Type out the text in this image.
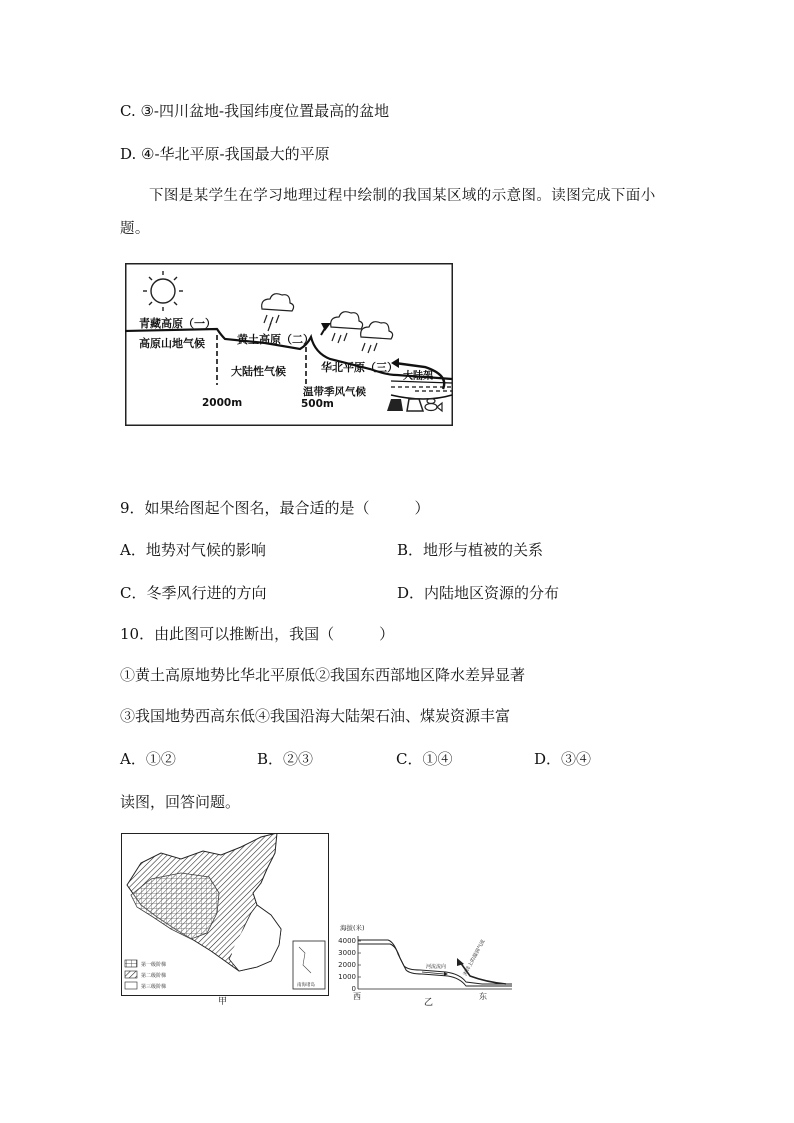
C. ③-四川盆地-我国纬度位置最高的盆地
D. ④-华北平原-我国最大的平原
下图是某学生在学习地理过程中绘制的我国某区域的示意图。读图完成下面小题。
青藏高原（一）
高原山地气候	黄土高原（二）
大陆性气候	华北平原（三）
大陆架
温带季风气候
2000m	500m
9．如果给图起个图名，最合适的是（　　　）
A．地势对气候的影响	B．地形与植被的关系
C．冬季风行进的方向	D．内陆地区资源的分布
10．由此图可以推断出，我国（　　　）
①黄土高原地势比华北平原低②我国东西部地区降水差异显著
③我国地势西高东低④我国沿海大陆架石油、煤炭资源丰富
A．①②	B．②③	C．①④	D．③④
读图，回答问题。
南海诸岛
第一级阶梯
第二级阶梯
第三级阶梯
甲
海拔(米)
4000
3000
2000
1000
0
河流流向	海洋上的湿润气流
西	东
乙
